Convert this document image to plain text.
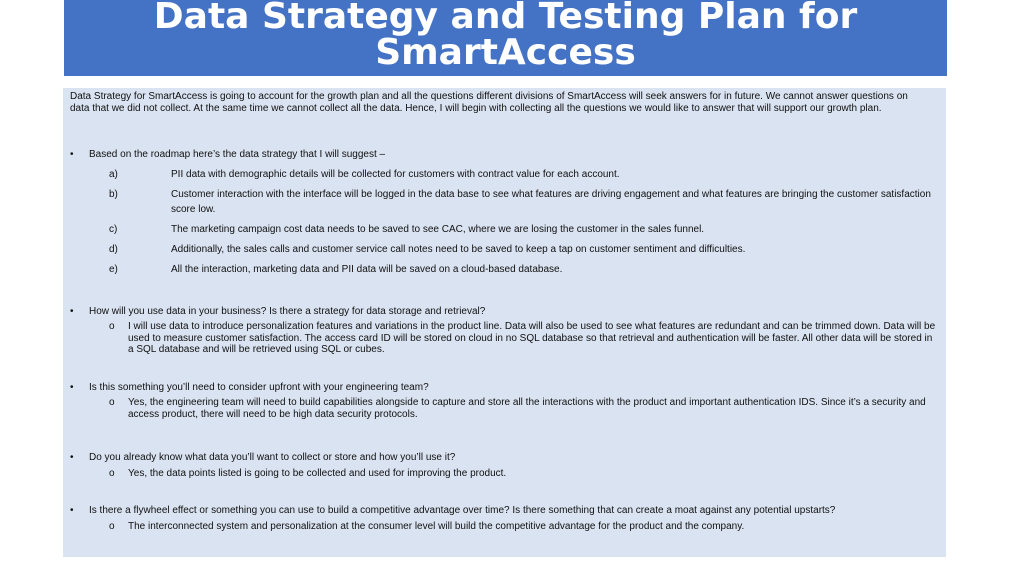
Data Strategy and Testing Plan for SmartAccess

Data Strategy for SmartAccess is going to account for the growth plan and all the questions different divisions of SmartAccess will seek answers for in future. We cannot answer questions on data that we did not collect. At the same time we cannot collect all the data. Hence, I will begin with collecting all the questions we would like to answer that will support our growth plan.

• Based on the roadmap here’s the data strategy that I will suggest –
a)	PII data with demographic details will be collected for customers with contract value for each account.
b)	Customer interaction with the interface will be logged in the data base to see what features are driving engagement and what features are bringing the customer satisfaction score low.
c)	The marketing campaign cost data needs to be saved to see CAC, where we are losing the customer in the sales funnel.
d)	Additionally, the sales calls and customer service call notes need to be saved to keep a tap on customer sentiment and difficulties.
e)	All the interaction, marketing data and PII data will be saved on a cloud-based database.
• How will you use data in your business? Is there a strategy for data storage and retrieval?
o I will use data to introduce personalization features and variations in the product line. Data will also be used to see what features are redundant and can be trimmed down. Data will be used to measure customer satisfaction. The access card ID will be stored on cloud in no SQL database so that retrieval and authentication will be faster. All other data will be stored in a SQL database and will be retrieved using SQL or cubes.
• Is this something you’ll need to consider upfront with your engineering team?
o Yes, the engineering team will need to build capabilities alongside to capture and store all the interactions with the product and important authentication IDS. Since it’s a security and access product, there will need to be high data security protocols.
• Do you already know what data you’ll want to collect or store and how you’ll use it?
o Yes, the data points listed is going to be collected and used for improving the product.
• Is there a flywheel effect or something you can use to build a competitive advantage over time? Is there something that can create a moat against any potential upstarts?
o The interconnected system and personalization at the consumer level will build the competitive advantage for the product and the company.
